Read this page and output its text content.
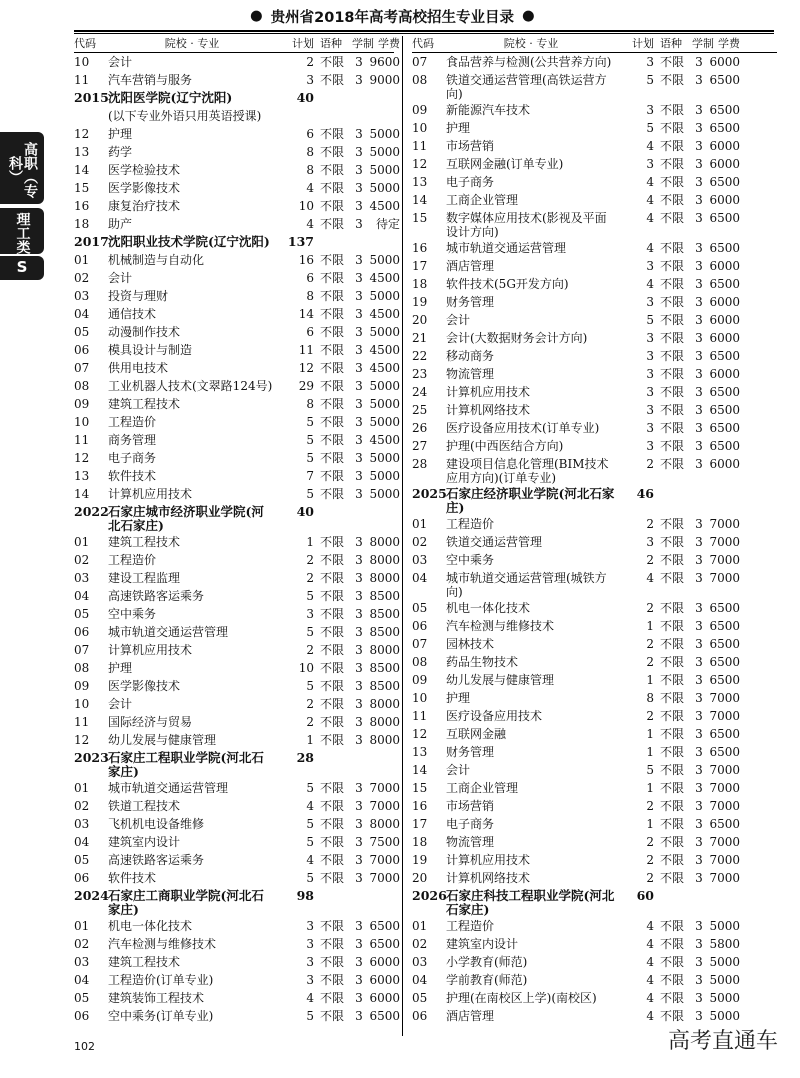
● 贵州省2018年高考高校招生专业目录 ●
高职（专科）
理工类
S
代码	院校 · 专业	计划 语种 学制 学费
10	会计	2 不限 3 9600
11	汽车营销与服务	3 不限 3 9000
2015 沈阳医学院(辽宁沈阳)	40
(以下专业外语只用英语授课)
12	护理	6 不限 3 5000
13	药学	8 不限 3 5000
14	医学检验技术	8 不限 3 5000
15	医学影像技术	4 不限 3 5000
16	康复治疗技术	10 不限 3 4500
18	助产	4 不限 3	待定
2017 沈阳职业技术学院(辽宁沈阳)	137
01	机械制造与自动化	16 不限 3 5000
02	会计	6 不限 3 4500
03	投资与理财	8 不限 3 5000
04	通信技术	14 不限 3 4500
05	动漫制作技术	6 不限 3 5000
06	模具设计与制造	11 不限 3 4500
07	供用电技术	12 不限 3 4500
08	工业机器人技术(文翠路124号)	29 不限 3 5000
09	建筑工程技术	8 不限 3 5000
10	工程造价	5 不限 3 5000
11	商务管理	5 不限 3 4500
12	电子商务	5 不限 3 5000
13	软件技术	7 不限 3 5000
14	计算机应用技术	5 不限 3 5000
2022 石家庄城市经济职业学院(河北石家庄)
40
01	建筑工程技术	1 不限 3 8000
02	工程造价	2 不限 3 8000
03	建设工程监理	2 不限 3 8000
04	高速铁路客运乘务	5 不限 3 8500
05	空中乘务	3 不限 3 8500
06	城市轨道交通运营管理	5 不限 3 8500
07	计算机应用技术	2 不限 3 8000
08	护理	10 不限 3 8500
09	医学影像技术	5 不限 3 8500
10	会计	2 不限 3 8000
11	国际经济与贸易	2 不限 3 8000
12	幼儿发展与健康管理	1 不限 3 8000
2023 石家庄工程职业学院(河北石家庄)
28
01	城市轨道交通运营管理	5 不限 3 7000
02	铁道工程技术	4 不限 3 7000
03	飞机机电设备维修	5 不限 3 8000
04	建筑室内设计	5 不限 3 7500
05	高速铁路客运乘务	4 不限 3 7000
06	软件技术	5 不限 3 7000
2024 石家庄工商职业学院(河北石家庄)
98
01	机电一体化技术	3 不限 3 6500
02	汽车检测与维修技术	3 不限 3 6500
03	建筑工程技术	3 不限 3 6000
04	工程造价(订单专业)	3 不限 3 6000
05	建筑装饰工程技术	4 不限 3 6000
06	空中乘务(订单专业)	5 不限 3 6500
代码	院校 · 专业	计划 语种 学制 学费
07	食品营养与检测(公共营养方向)	3 不限 3 6000
08	铁道交通运营管理(高铁运营方向)
5 不限 3 6500
09	新能源汽车技术	3 不限 3 6500
10	护理	5 不限 3 6500
11	市场营销	4 不限 3 6000
12	互联网金融(订单专业)	3 不限 3 6000
13	电子商务	4 不限 3 6500
14	工商企业管理	4 不限 3 6000
15	数字媒体应用技术(影视及平面设计方向)
4 不限 3 6500
16	城市轨道交通运营管理	4 不限 3 6500
17	酒店管理	3 不限 3 6000
18	软件技术(5G开发方向)	4 不限 3 6500
19	财务管理	3 不限 3 6000
20	会计	5 不限 3 6000
21	会计(大数据财务会计方向)	3 不限 3 6000
22	移动商务	3 不限 3 6500
23	物流管理	3 不限 3 6000
24	计算机应用技术	3 不限 3 6500
25	计算机网络技术	3 不限 3 6500
26	医疗设备应用技术(订单专业)	3 不限 3 6500
27	护理(中西医结合方向)	3 不限 3 6500
28	建设项目信息化管理(BIM技术应用方向)(订单专业)
2 不限 3 6000
2025 石家庄经济职业学院(河北石家庄)
46
01	工程造价	2 不限 3 7000
02	铁道交通运营管理	3 不限 3 7000
03	空中乘务	2 不限 3 7000
04	城市轨道交通运营管理(城铁方向)
4 不限 3 7000
05	机电一体化技术	2 不限 3 6500
06	汽车检测与维修技术	1 不限 3 6500
07	园林技术	2 不限 3 6500
08	药品生物技术	2 不限 3 6500
09	幼儿发展与健康管理	1 不限 3 6500
10	护理	8 不限 3 7000
11	医疗设备应用技术	2 不限 3 7000
12	互联网金融	1 不限 3 6500
13	财务管理	1 不限 3 6500
14	会计	5 不限 3 7000
15	工商企业管理	1 不限 3 7000
16	市场营销	2 不限 3 7000
17	电子商务	1 不限 3 6500
18	物流管理	2 不限 3 7000
19	计算机应用技术	2 不限 3 7000
20	计算机网络技术	2 不限 3 7000
2026 石家庄科技工程职业学院(河北石家庄)
60
01	工程造价	4 不限 3 5000
02	建筑室内设计	4 不限 3 5800
03	小学教育(师范)	4 不限 3 5000
04	学前教育(师范)	4 不限 3 5000
05	护理(在南校区上学)(南校区)	4 不限 3 5000
06	酒店管理	4 不限 3 5000
102	高考直通车
